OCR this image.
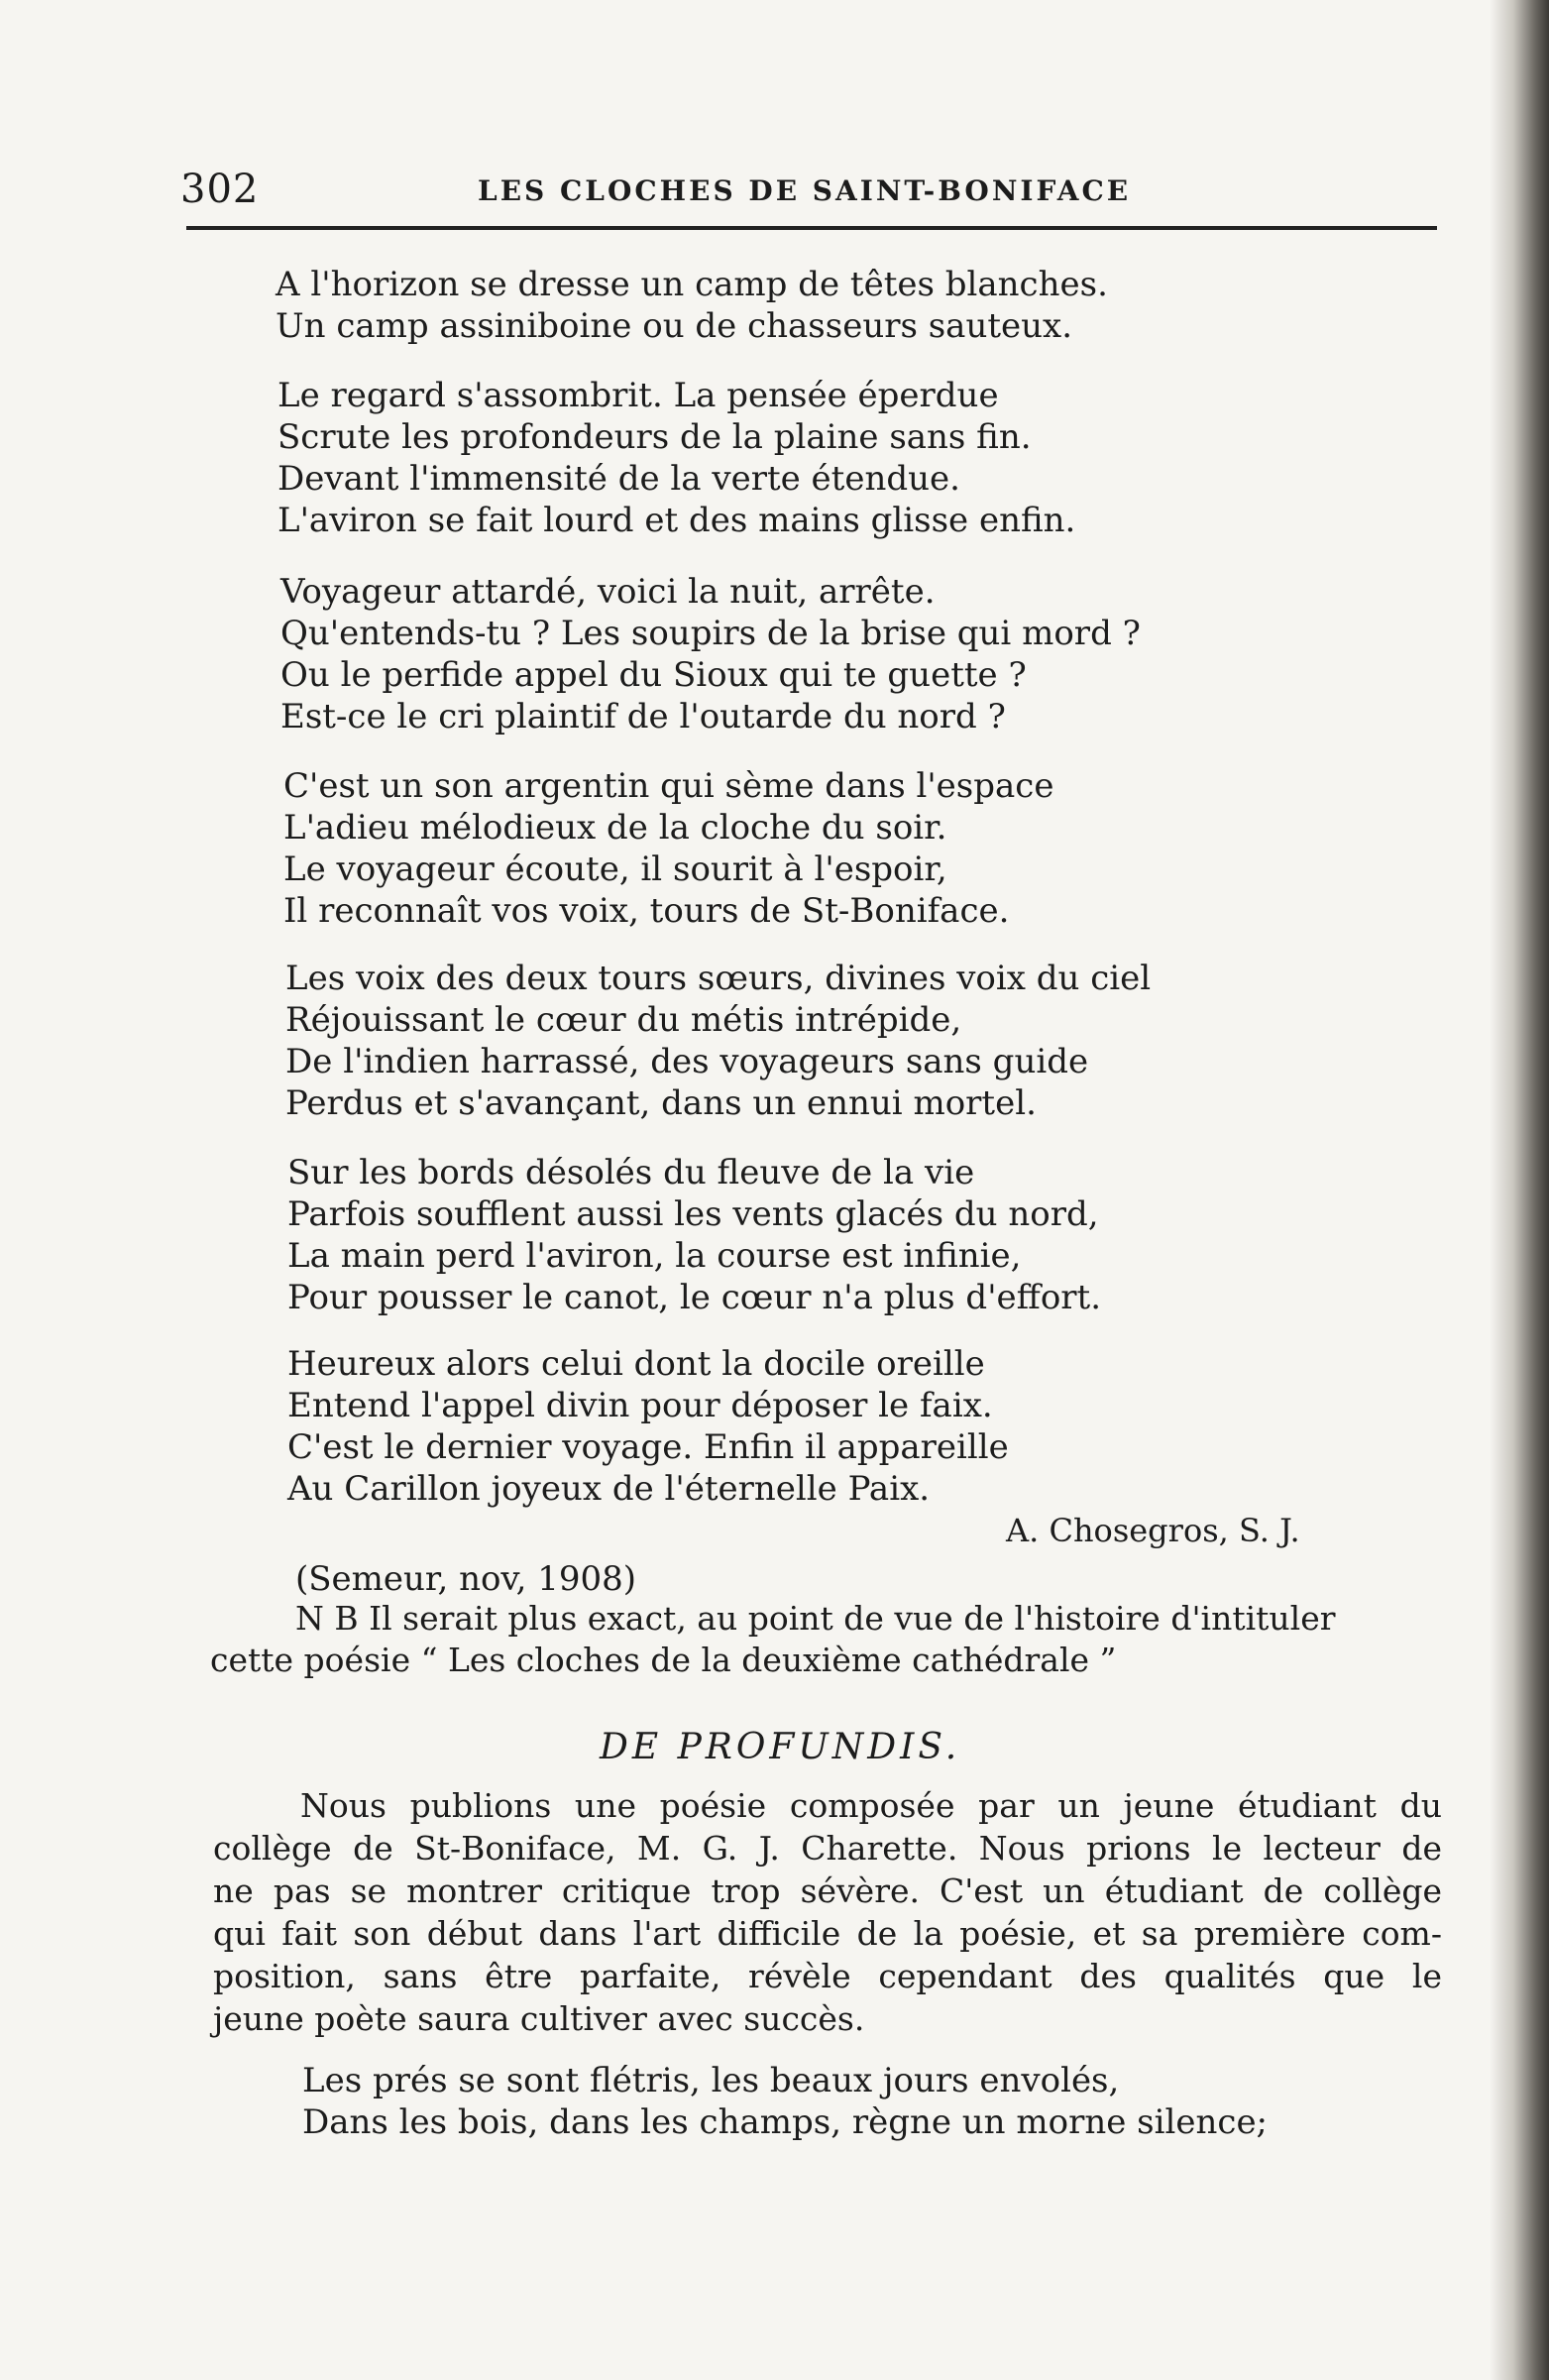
302	LES CLOCHES DE SAINT-BONIFACE
A l'horizon se dresse un camp de têtes blanches.
Un camp assiniboine ou de chasseurs sauteux.
Le regard s'assombrit. La pensée éperdue
Scrute les profondeurs de la plaine sans fin.
Devant l'immensité de la verte étendue.
L'aviron se fait lourd et des mains glisse enfin.
Voyageur attardé, voici la nuit, arrête.
Qu'entends-tu ? Les soupirs de la brise qui mord ?
Ou le perfide appel du Sioux qui te guette ?
Est-ce le cri plaintif de l'outarde du nord ?
C'est un son argentin qui sème dans l'espace
L'adieu mélodieux de la cloche du soir.
Le voyageur écoute, il sourit à l'espoir,
Il reconnaît vos voix, tours de St-Boniface.
Les voix des deux tours sœurs, divines voix du ciel
Réjouissant le cœur du métis intrépide,
De l'indien harrassé, des voyageurs sans guide
Perdus et s'avançant, dans un ennui mortel.
Sur les bords désolés du fleuve de la vie
Parfois soufflent aussi les vents glacés du nord,
La main perd l'aviron, la course est infinie,
Pour pousser le canot, le cœur n'a plus d'effort.
Heureux alors celui dont la docile oreille
Entend l'appel divin pour déposer le faix.
C'est le dernier voyage. Enfin il appareille
Au Carillon joyeux de l'éternelle Paix.
A. Chosegros, S. J.
(Semeur, nov, 1908)
N B Il serait plus exact, au point de vue de l'histoire d'intituler
cette poésie “ Les cloches de la deuxième cathédrale ”
DE PROFUNDIS.
Nous publions une poésie composée par un jeune étudiant du
collège de St-Boniface, M. G. J. Charette. Nous prions le lecteur de
ne pas se montrer critique trop sévère. C'est un étudiant de collège
qui fait son début dans l'art difficile de la poésie, et sa première com-
position, sans être parfaite, révèle cependant des qualités que le
jeune poète saura cultiver avec succès.
Les prés se sont flétris, les beaux jours envolés,
Dans les bois, dans les champs, règne un morne silence;
